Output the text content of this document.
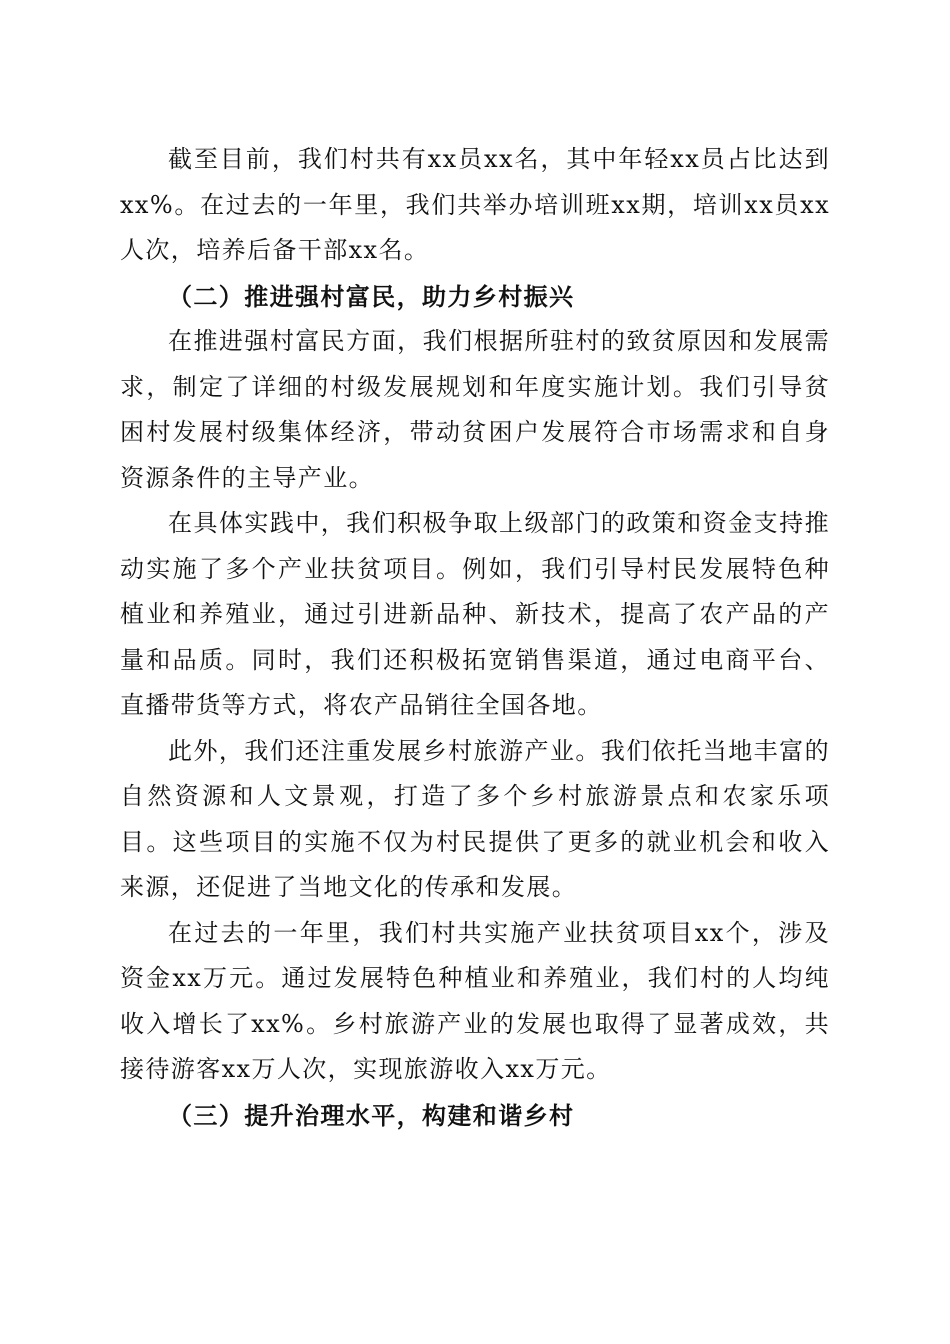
截至目前，我们村共有xx员xx名，其中年轻xx员占比达到xx%。在过去的一年里，我们共举办培训班xx期，培训xx员xx人次，培养后备干部xx名。

（二）推进强村富民，助力乡村振兴

在推进强村富民方面，我们根据所驻村的致贫原因和发展需求，制定了详细的村级发展规划和年度实施计划。我们引导贫困村发展村级集体经济，带动贫困户发展符合市场需求和自身资源条件的主导产业。

在具体实践中，我们积极争取上级部门的政策和资金支持推动实施了多个产业扶贫项目。例如，我们引导村民发展特色种植业和养殖业，通过引进新品种、新技术，提高了农产品的产量和品质。同时，我们还积极拓宽销售渠道，通过电商平台、直播带货等方式，将农产品销往全国各地。

此外，我们还注重发展乡村旅游产业。我们依托当地丰富的自然资源和人文景观，打造了多个乡村旅游景点和农家乐项目。这些项目的实施不仅为村民提供了更多的就业机会和收入来源，还促进了当地文化的传承和发展。

在过去的一年里，我们村共实施产业扶贫项目xx个，涉及资金xx万元。通过发展特色种植业和养殖业，我们村的人均纯收入增长了xx%。乡村旅游产业的发展也取得了显著成效，共接待游客xx万人次，实现旅游收入xx万元。

（三）提升治理水平，构建和谐乡村
